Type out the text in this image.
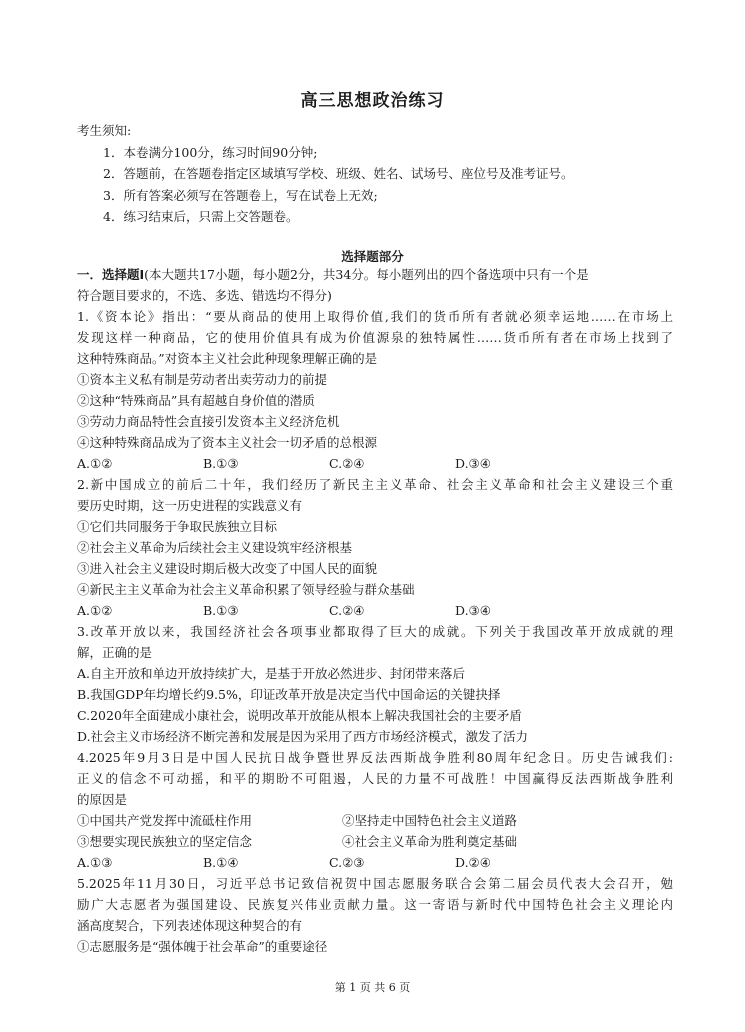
高三思想政治练习
考生须知:
1．本卷满分100分，练习时间90分钟;
2．答题前，在答题卷指定区域填写学校、班级、姓名、试场号、座位号及准考证号。
3．所有答案必须写在答题卷上，写在试卷上无效;
4．练习结束后，只需上交答题卷。
选择题部分
一．选择题Ⅰ(本大题共17小题，每小题2分，共34分。每小题列出的四个备选项中只有一个是
符合题目要求的，不选、多选、错选均不得分)
1.《资本论》指出：“要从商品的使用上取得价值,我们的货币所有者就必须幸运地……在市场上
发现这样一种商品，它的使用价值具有成为价值源泉的独特属性……货币所有者在市场上找到了
这种特殊商品。”对资本主义社会此种现象理解正确的是
①资本主义私有制是劳动者出卖劳动力的前提
②这种“特殊商品”具有超越自身价值的潜质
③劳动力商品特性会直接引发资本主义经济危机
④这种特殊商品成为了资本主义社会一切矛盾的总根源
A.①②	B.①③	C.②④	D.③④
2.新中国成立的前后二十年，我们经历了新民主主义革命、社会主义革命和社会主义建设三个重
要历史时期，这一历史进程的实践意义有
①它们共同服务于争取民族独立目标
②社会主义革命为后续社会主义建设筑牢经济根基
③进入社会主义建设时期后极大改变了中国人民的面貌
④新民主主义革命为社会主义革命积累了领导经验与群众基础
A.①②	B.①③	C.②④	D.③④
3.改革开放以来，我国经济社会各项事业都取得了巨大的成就。下列关于我国改革开放成就的理
解，正确的是
A.自主开放和单边开放持续扩大，是基于开放必然进步、封闭带来落后
B.我国GDP年均增长约9.5%，印证改革开放是决定当代中国命运的关键抉择
C.2020年全面建成小康社会，说明改革开放能从根本上解决我国社会的主要矛盾
D.社会主义市场经济不断完善和发展是因为采用了西方市场经济模式，激发了活力
4.2025年9月3日是中国人民抗日战争暨世界反法西斯战争胜利80周年纪念日。历史告诫我们:
正义的信念不可动摇，和平的期盼不可阻遏，人民的力量不可战胜！中国赢得反法西斯战争胜利
的原因是
①中国共产党发挥中流砥柱作用	②坚持走中国特色社会主义道路
③想要实现民族独立的坚定信念	④社会主义革命为胜利奠定基础
A.①③	B.①④	C.②③	D.②④
5.2025年11月30日，习近平总书记致信祝贺中国志愿服务联合会第二届会员代表大会召开，勉
励广大志愿者为强国建设、民族复兴伟业贡献力量。这一寄语与新时代中国特色社会主义理论内
涵高度契合，下列表述体现这种契合的有
①志愿服务是“强体魄于社会革命”的重要途径
第 1 页 共 6 页
